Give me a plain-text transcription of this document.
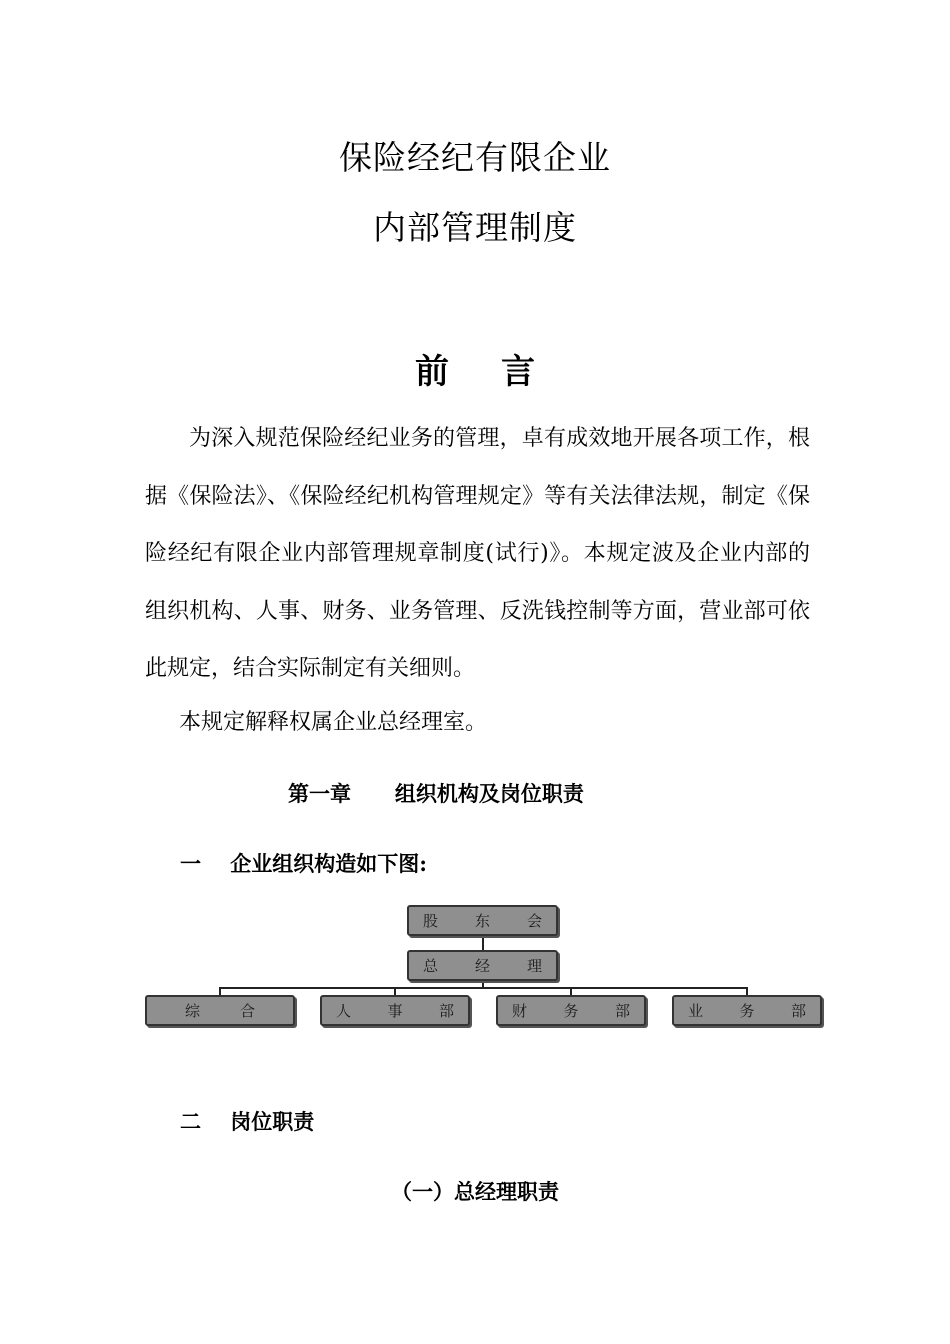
保险经纪有限企业
内部管理制度
前言
为深入规范保险经纪业务的管理，卓有成效地开展各项工作，根据《保险法》、《保险经纪机构管理规定》等有关法律法规，制定《保险经纪有限企业内部管理规章制度(试行)》。本规定波及企业内部的组织机构、人事、财务、业务管理、反洗钱控制等方面，营业部可依此规定，结合实际制定有关细则。
本规定解释权属企业总经理室。
第一章      组织机构及岗位职责
一    企业组织构造如下图:
股 东 会
总 经 理
综	合	人 事 部	财 务 部	业 务 部
二    岗位职责
（一）总经理职责
